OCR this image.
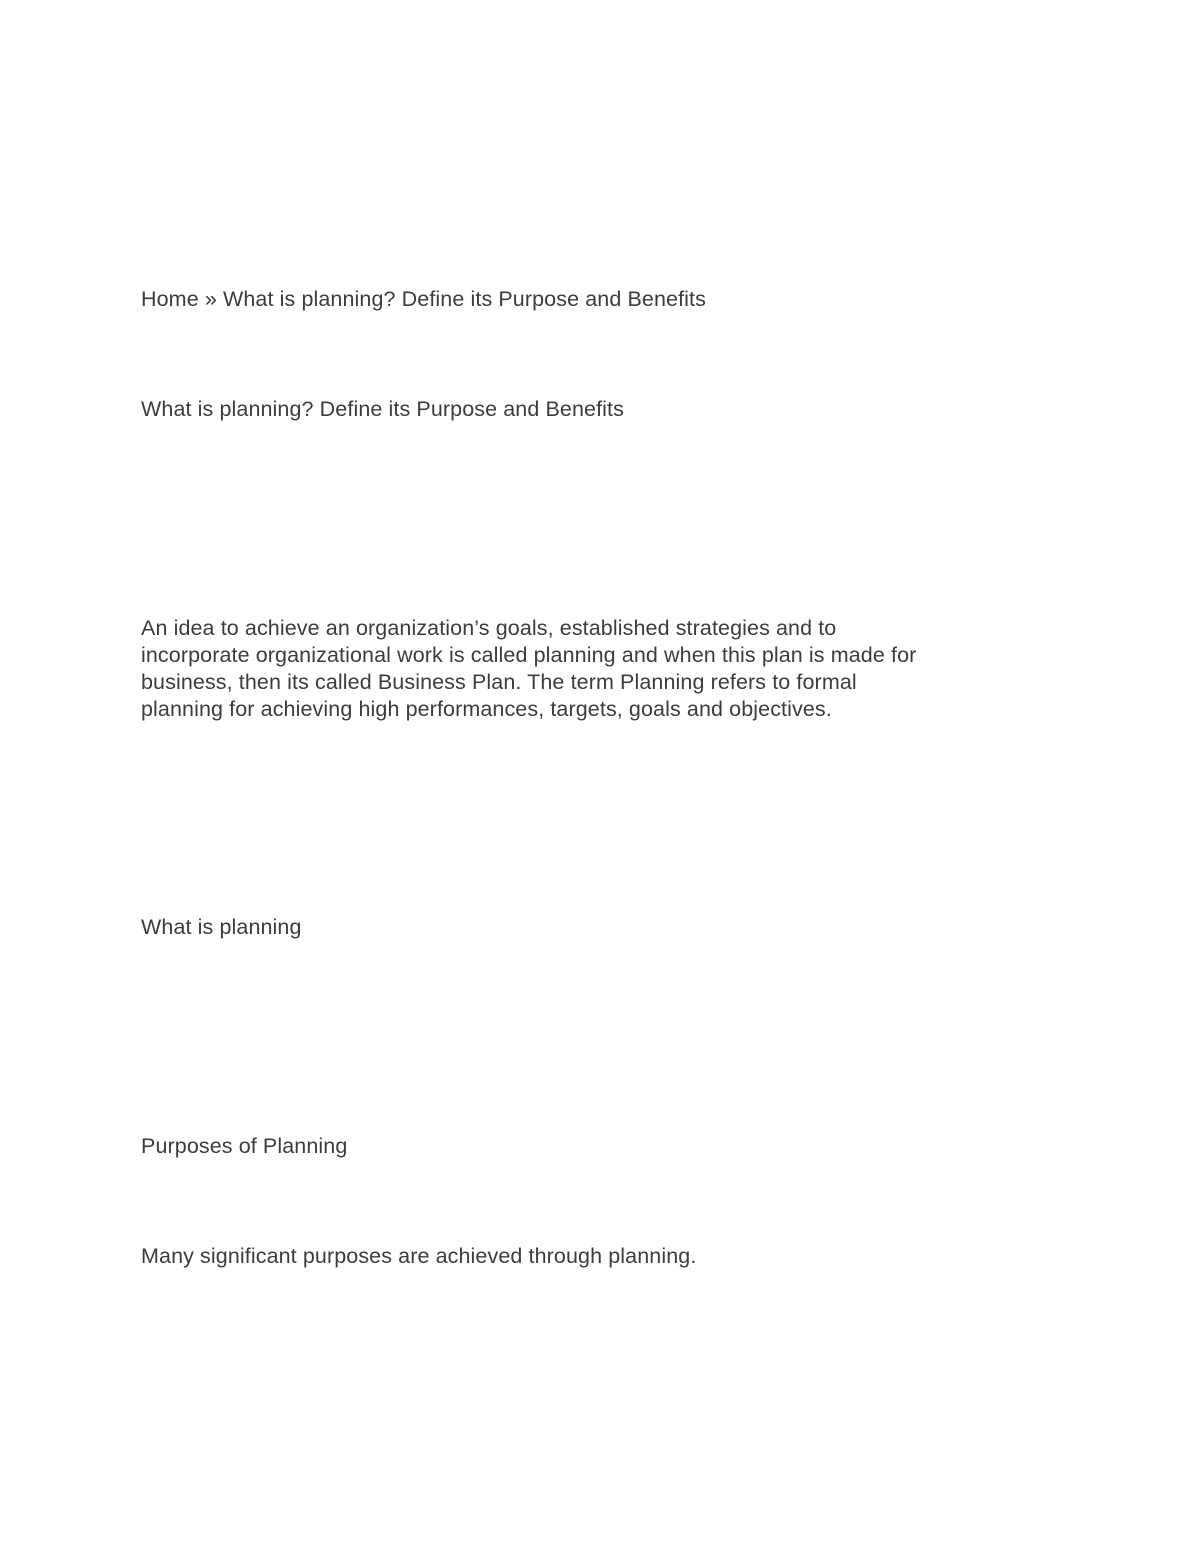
Home » What is planning? Define its Purpose and Benefits

What is planning? Define its Purpose and Benefits

An idea to achieve an organization’s goals, established strategies and to
incorporate organizational work is called planning and when this plan is made for
business, then its called Business Plan. The term Planning refers to formal
planning for achieving high performances, targets, goals and objectives.

What is planning
Purposes of Planning

Many significant purposes are achieved through planning.
